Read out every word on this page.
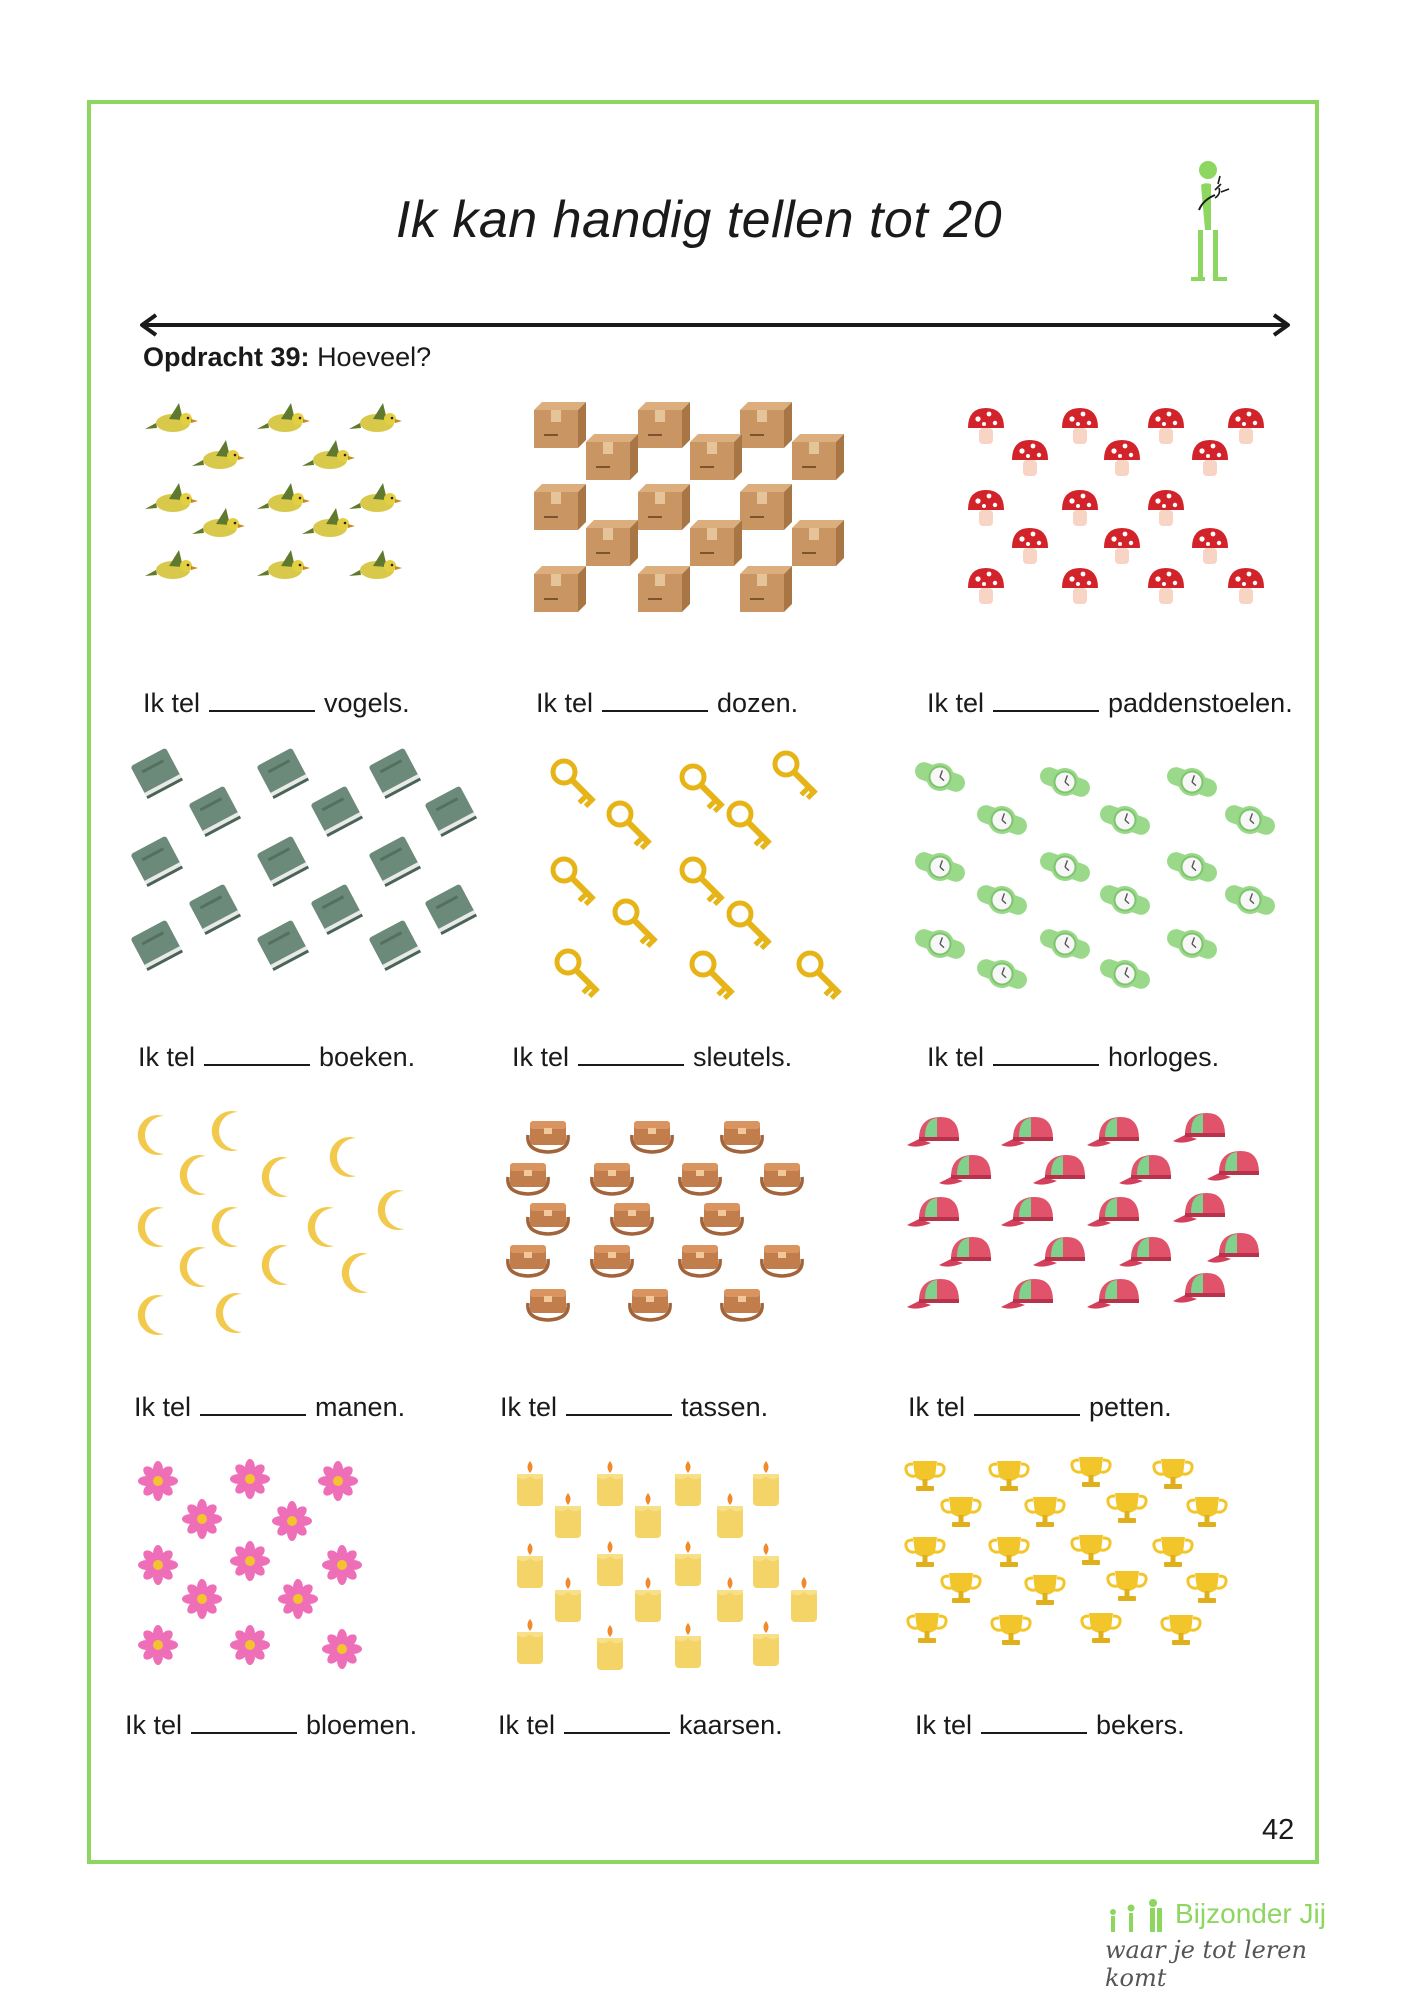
Ik kan handig tellen tot 20
Opdracht 39: Hoeveel?
Ik tel	vogels.	Ik tel	dozen.	Ik tel	paddenstoelen.
Ik tel	boeken.	Ik tel	sleutels.	Ik tel	horloges.
Ik tel	manen.	Ik tel	tassen.	Ik tel	petten.
Ik tel	bloemen.	Ik tel	kaarsen.	Ik tel	bekers.
42
Bijzonder Jij
waar je tot leren komt
